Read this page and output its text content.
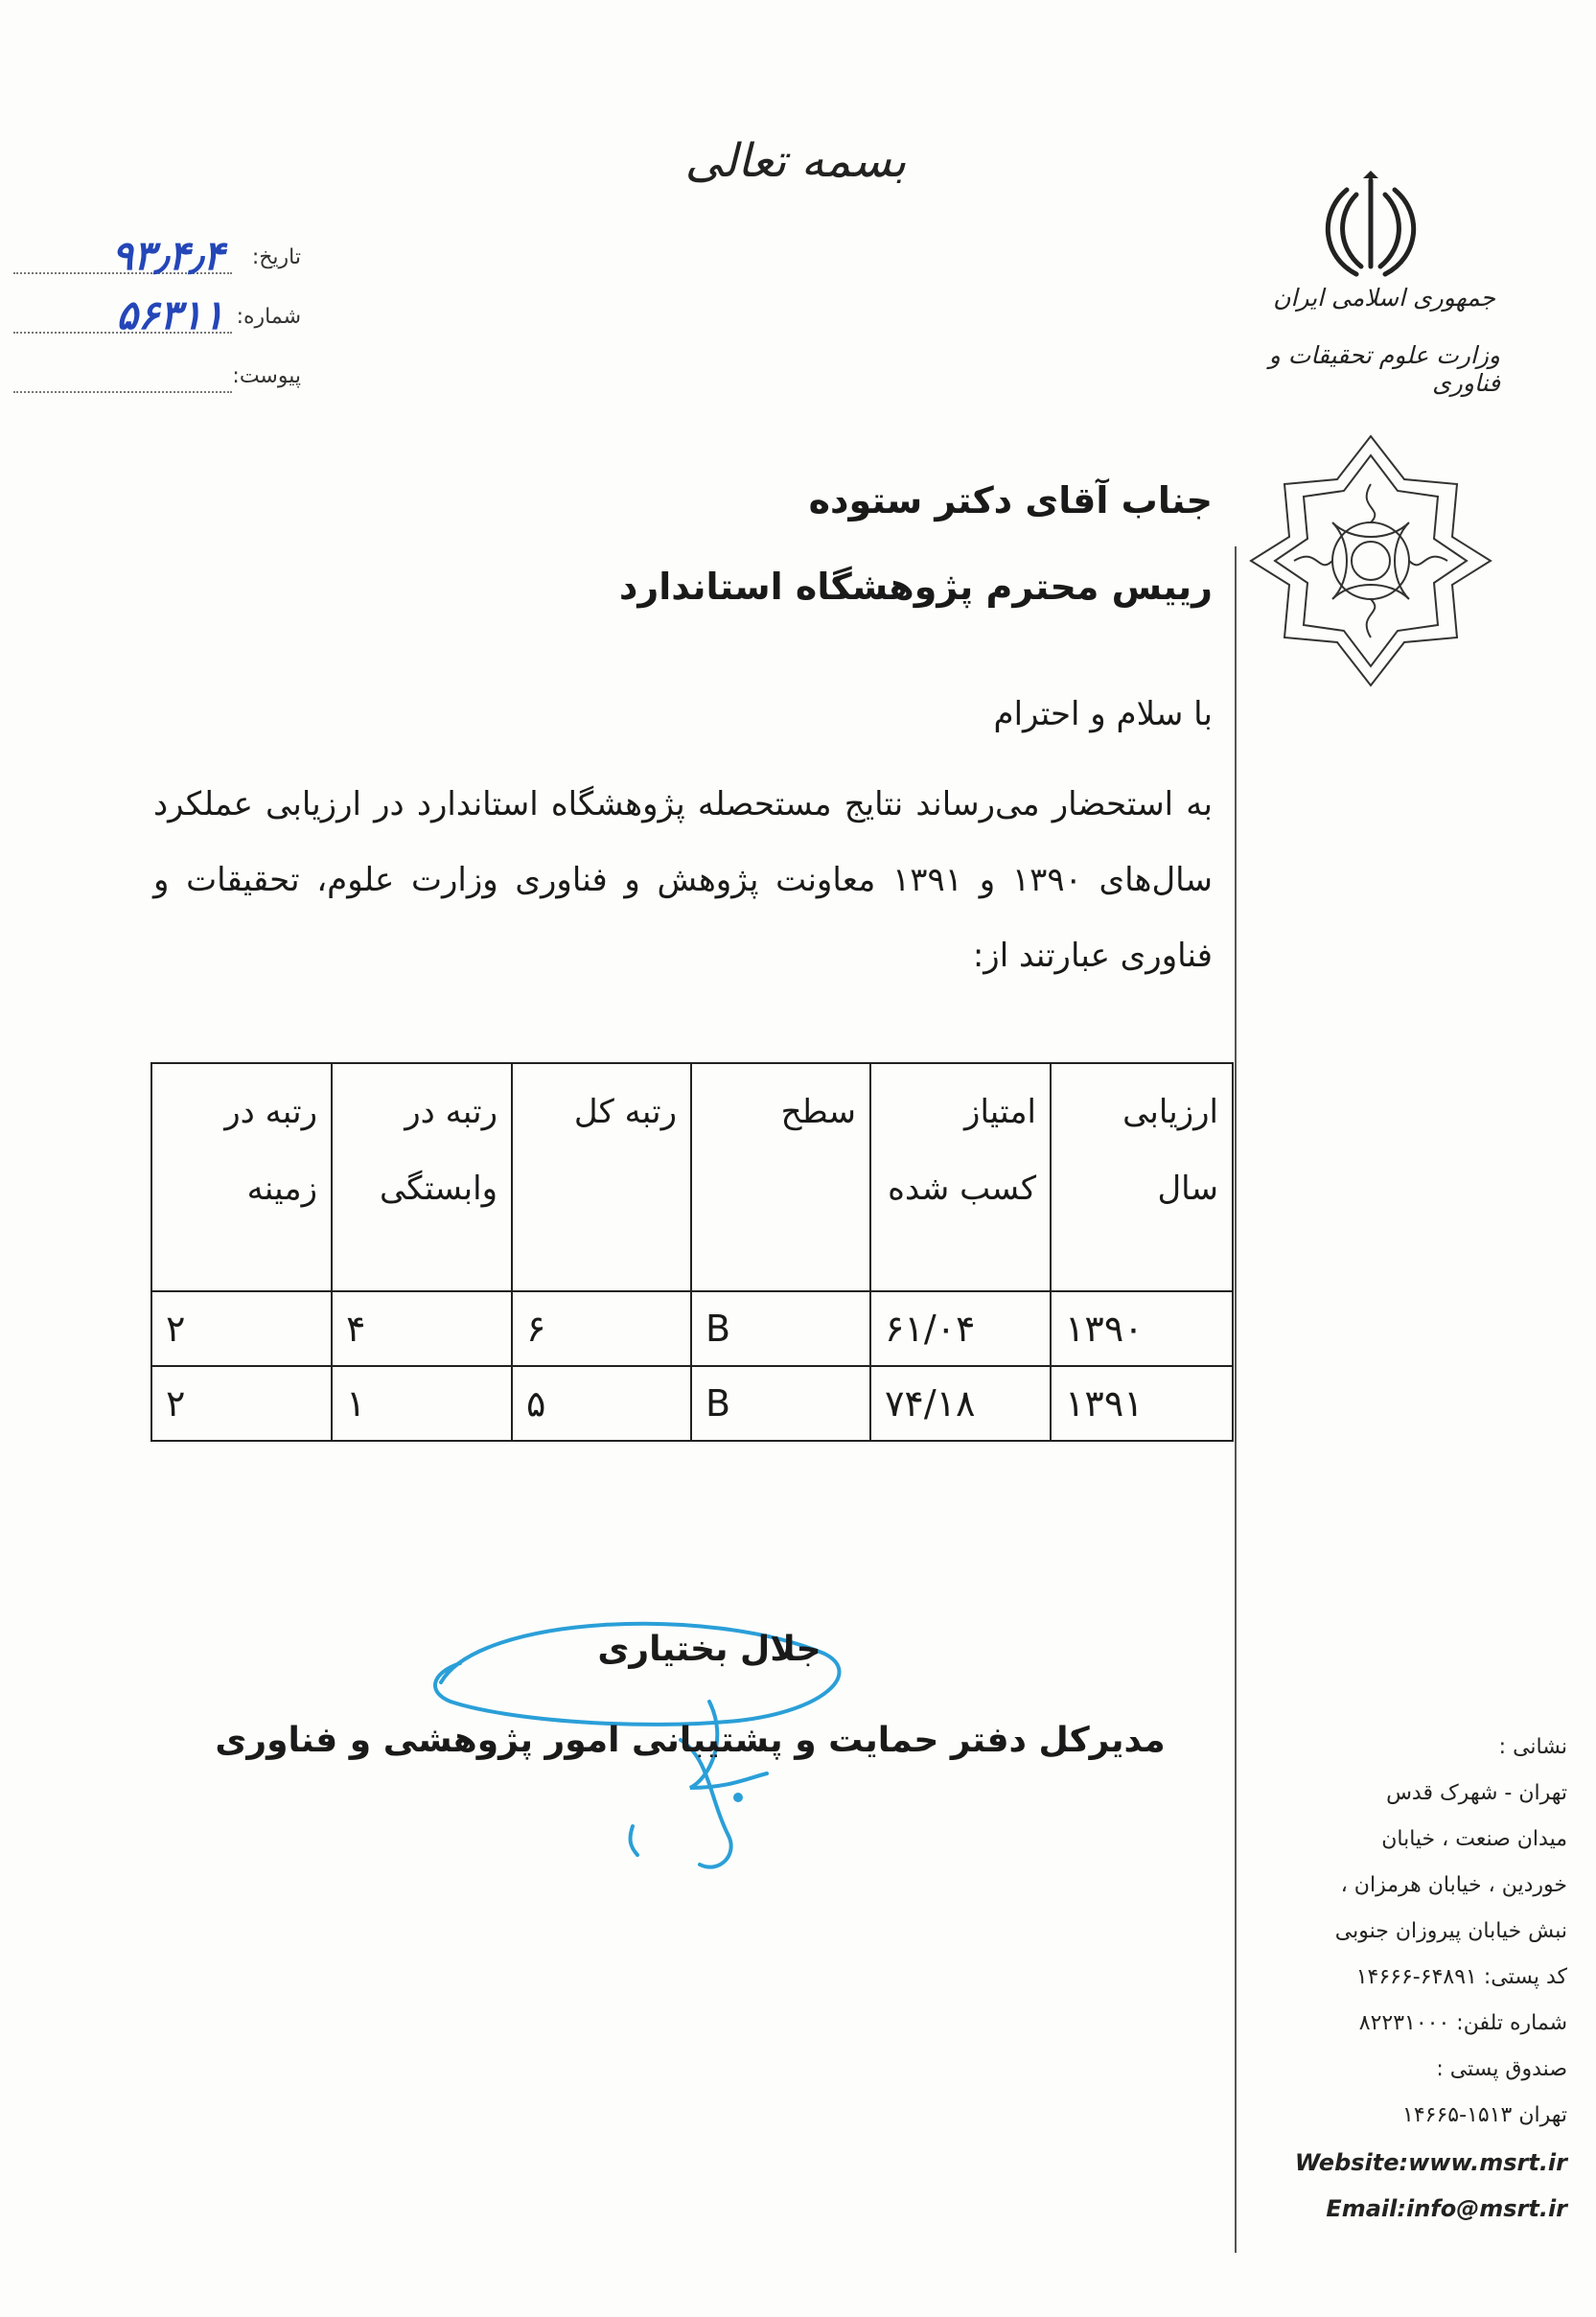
بسمه تعالی
تاریخ:
۹۳٫۴٫۴
شماره:
۵۶۳۱۱
پیوست:
جمهوری اسلامی ایران
وزارت علوم تحقیقات و فناوری
جناب آقای دکتر ستوده
رییس محترم پژوهشگاه استاندارد
با سلام و احترام
به استحضار می‌رساند نتایج مستحصله پژوهشگاه استاندارد در ارزیابی عملکرد سال‌های ۱۳۹۰ و ۱۳۹۱ معاونت پژوهش و فناوری وزارت علوم، تحقیقات و فناوری عبارتند از:
ارزیابی سال	امتیاز کسب شده	سطح	رتبه کل	رتبه در وابستگی	رتبه در زمینه
۱۳۹۰	۶۱/۰۴	B	۶	۴	۲
۱۳۹۱	۷۴/۱۸	B	۵	۱	۲
جلال بختیاری
مدیرکل دفتر حمایت و پشتیبانی امور پژوهشی و فناوری	نشانی :
تهران - شهرک قدس
میدان صنعت ، خیابان
خوردین ، خیابان هرمزان ،
نبش خیابان پیروزان جنوبی
کد پستی: ۶۴۸۹۱-۱۴۶۶۶
شماره تلفن: ۸۲۲۳۱۰۰۰
صندوق پستی :
تهران ۱۵۱۳-۱۴۶۶۵
Website:www.msrt.ir
Email:info@msrt.ir
